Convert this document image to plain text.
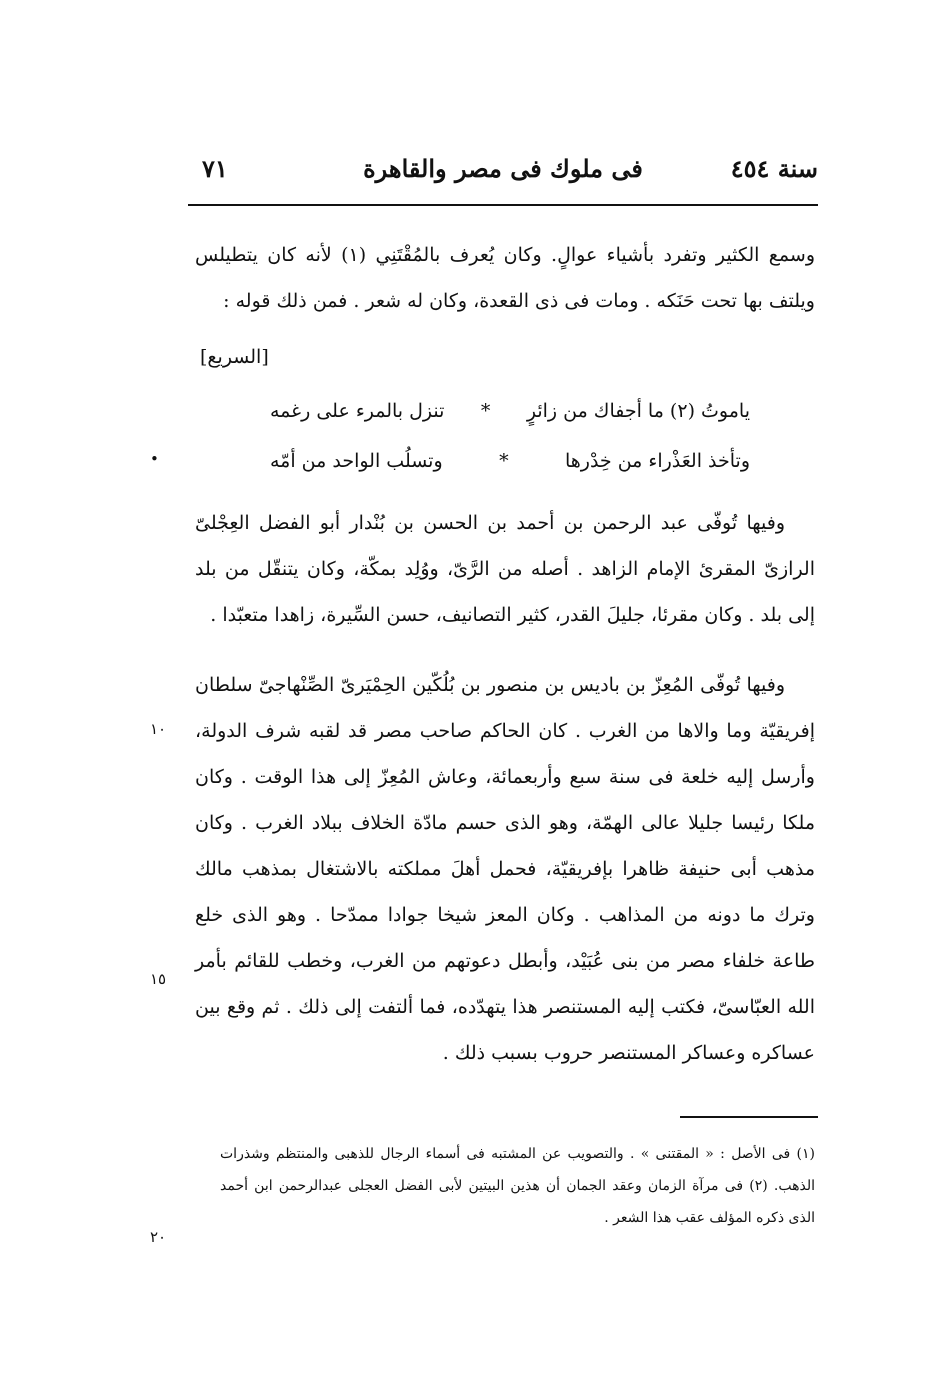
سنة ٤٥٤
فى ملوك فى مصر والقاهرة
٧١

وسمع الكثير وتفرد بأشياء عوالٍ. وكان يُعرف بالمُقْتَنِي (١) لأنه كان يتطيلس ويلتف بها تحت حَنَكه . ومات فى ذى القعدة، وكان له شعر . فمن ذلك قوله :

[السريع]
ياموتُ (٢) ما أجفاك من زائرٍ
*
تنزل بالمرء على رغمه
وتأخذ العَذْراء من خِدْرها
*
وتسلُب الواحد من أمّه

وفيها تُوفّى عبد الرحمن بن أحمد بن الحسن بن بُنْدار أبو الفضل العِجْلىّ الرازىّ المقرئ الإمام الزاهد . أصله من الرَّىّ، ووُلِد بمكّة، وكان يتنقّل من بلد إلى بلد . وكان مقرئا، جليلَ القدر، كثير التصانيف، حسن السِّيرة، زاهدا متعبّدا .

وفيها تُوفّى المُعِزّ بن باديس بن منصور بن بُلُكّين الحِمْيَرىّ الصِّنْهاجىّ سلطان إفريقيّة وما والاها من الغرب . كان الحاكم صاحب مصر قد لقبه شرف الدولة، وأرسل إليه خلعة فى سنة سبع وأربعمائة، وعاش المُعِزّ إلى هذا الوقت . وكان ملكا رئيسا جليلا عالى الهمّة، وهو الذى حسم مادّة الخلاف ببلاد الغرب . وكان مذهب أبى حنيفة ظاهرا بإفريقيّة، فحمل أهلَ مملكته بالاشتغال بمذهب مالك وترك ما دونه من المذاهب . وكان المعز شيخا جوادا ممدّحا . وهو الذى خلع طاعة خلفاء مصر من بنى عُبَيْد، وأبطل دعوتهم من الغرب، وخطب للقائم بأمر الله العبّاسىّ، فكتب إليه المستنصر هذا يتهدّده، فما ألتفت إلى ذلك . ثم وقع بين عساكره وعساكر المستنصر حروب بسبب ذلك .

(١) فى الأصل : « المقتنى » . والتصويب عن المشتبه فى أسماء الرجال للذهبى والمنتظم وشذرات الذهب. (٢) فى مرآة الزمان وعقد الجمان أن هذين البيتين لأبى الفضل العجلى عبدالرحمن ابن أحمد الذى ذكره المؤلف عقب هذا الشعر .

•
١٠
١٥
٢٠
